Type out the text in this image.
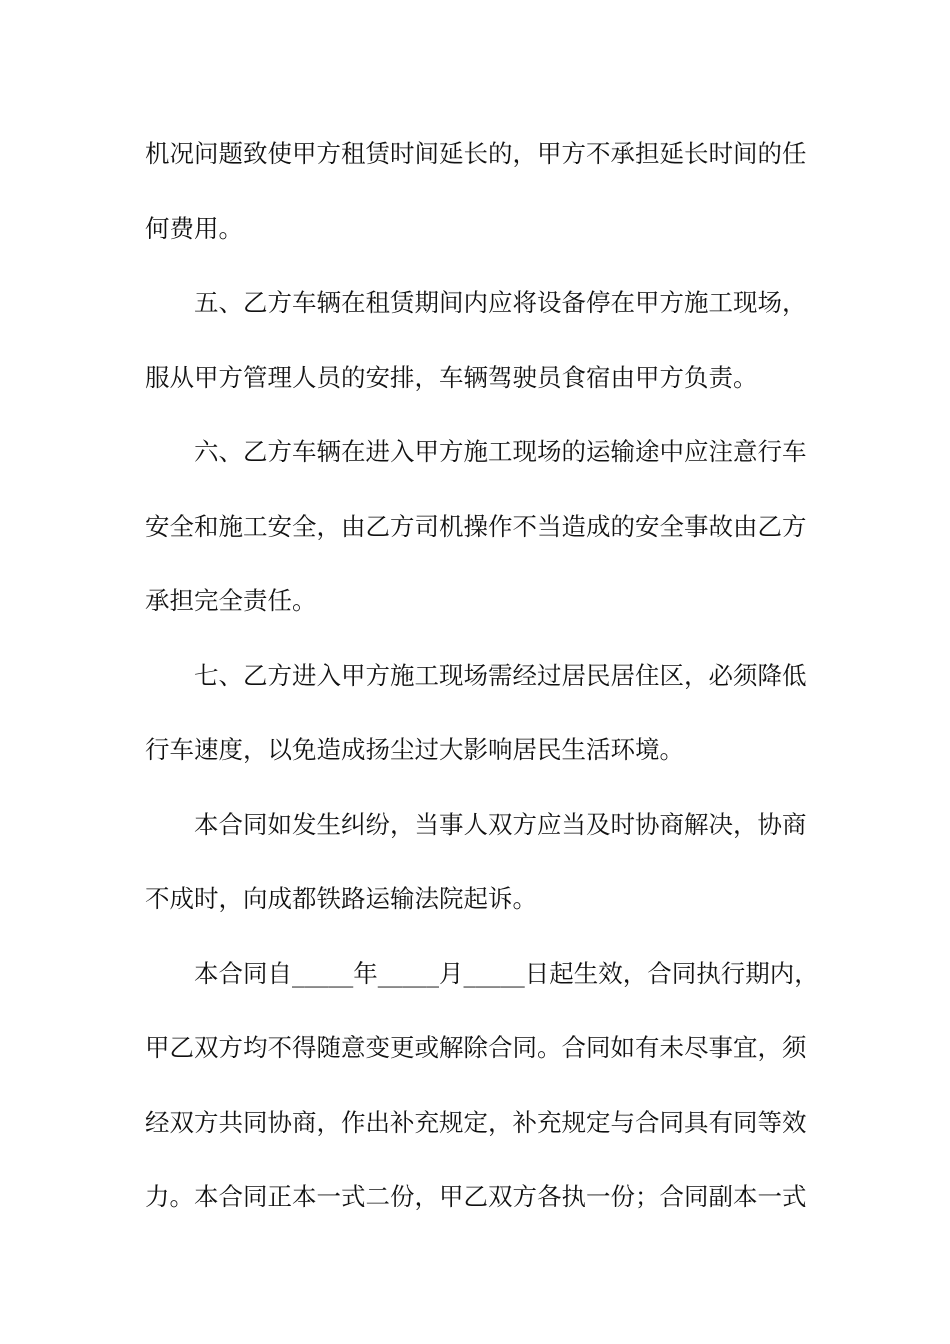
机况问题致使甲方租赁时间延长的，甲方不承担延长时间的任
何费用。
五、乙方车辆在租赁期间内应将设备停在甲方施工现场，
服从甲方管理人员的安排，车辆驾驶员食宿由甲方负责。
六、乙方车辆在进入甲方施工现场的运输途中应注意行车
安全和施工安全，由乙方司机操作不当造成的安全事故由乙方
承担完全责任。
七、乙方进入甲方施工现场需经过居民居住区，必须降低
行车速度，以免造成扬尘过大影响居民生活环境。
本合同如发生纠纷，当事人双方应当及时协商解决，协商
不成时，向成都铁路运输法院起诉。
本合同自_____年_____月_____日起生效，合同执行期内，
甲乙双方均不得随意变更或解除合同。合同如有未尽事宜，须
经双方共同协商，作出补充规定，补充规定与合同具有同等效
力。本合同正本一式二份，甲乙双方各执一份；合同副本一式
